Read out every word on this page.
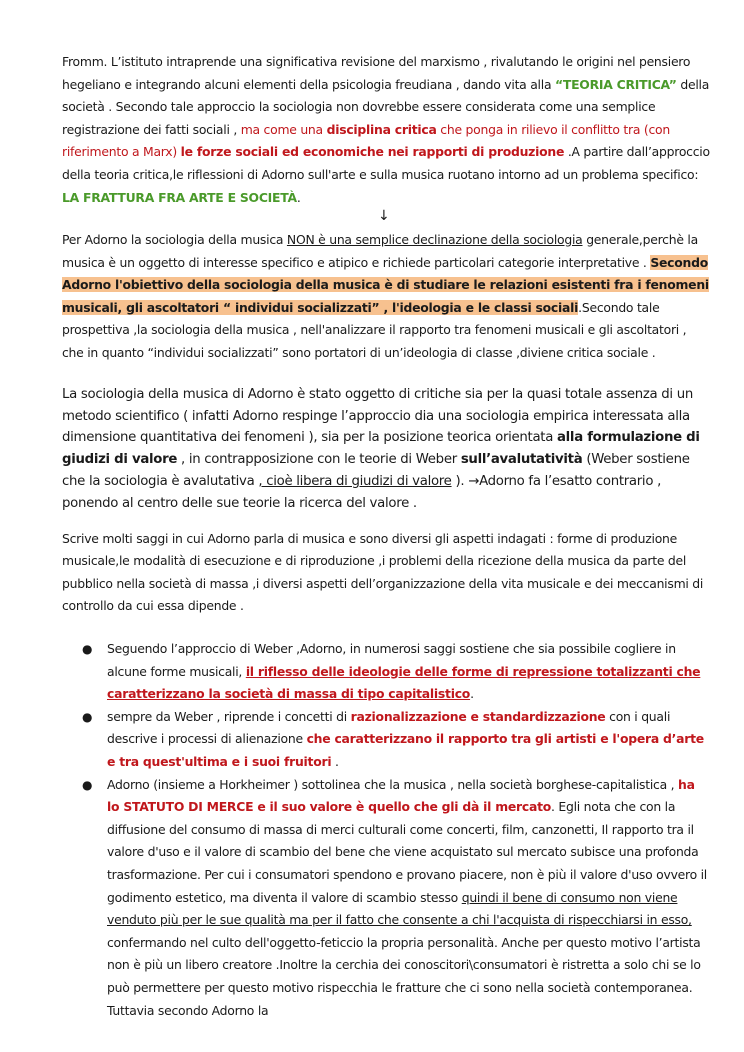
Fromm. L’istituto intraprende una significativa revisione del marxismo , rivalutando le origini nel pensiero hegeliano e integrando alcuni elementi della psicologia freudiana , dando vita alla “TEORIA CRITICA” della società . Secondo tale approccio la sociologia non dovrebbe essere considerata come una semplice registrazione dei fatti sociali , ma come una disciplina critica che ponga in rilievo il conflitto tra (con riferimento a Marx) le forze sociali ed economiche nei rapporti di produzione .A partire dall’approccio della teoria critica,le riflessioni di Adorno sull'arte e sulla musica ruotano intorno ad un problema specifico: LA FRATTURA FRA ARTE E SOCIETÀ.

↓

Per Adorno la sociologia della musica NON è una semplice declinazione della sociologia generale,perchè la musica è un oggetto di interesse specifico e atipico e richiede particolari categorie interpretative . Secondo Adorno l'obiettivo della sociologia della musica è di studiare le relazioni esistenti fra i fenomeni musicali, gli ascoltatori “ individui socializzati” , l'ideologia e le classi sociali.Secondo tale prospettiva ,la sociologia della musica , nell'analizzare il rapporto tra fenomeni musicali e gli ascoltatori , che in quanto “individui socializzati” sono portatori di un’ideologia di classe ,diviene critica sociale .

La sociologia della musica di Adorno è stato oggetto di critiche sia per la quasi totale assenza di un metodo scientifico ( infatti Adorno respinge l’approccio dia una sociologia empirica interessata alla dimensione quantitativa dei fenomeni ), sia per la posizione teorica orientata alla formulazione di giudizi di valore , in contrapposizione con le teorie di Weber sull’avalutatività (Weber sostiene che la sociologia è avalutativa , cioè libera di giudizi di valore ). →Adorno fa l’esatto contrario , ponendo al centro delle sue teorie la ricerca del valore .

Scrive molti saggi in cui Adorno parla di musica e sono diversi gli aspetti indagati : forme di produzione musicale,le modalità di esecuzione e di riproduzione ,i problemi della ricezione della musica da parte del pubblico nella società di massa ,i diversi aspetti dell’organizzazione della vita musicale e dei meccanismi di controllo da cui essa dipende .

● Seguendo l’approccio di Weber ,Adorno, in numerosi saggi sostiene che sia possibile cogliere in alcune forme musicali, il riflesso delle ideologie delle forme di repressione totalizzanti che caratterizzano la società di massa di tipo capitalistico.
● sempre da Weber , riprende i concetti di razionalizzazione e standardizzazione con i quali descrive i processi di alienazione che caratterizzano il rapporto tra gli artisti e l'opera d’arte e tra quest'ultima e i suoi fruitori .
● Adorno (insieme a Horkheimer ) sottolinea che la musica , nella società borghese-capitalistica , ha lo STATUTO DI MERCE e il suo valore è quello che gli dà il mercato. Egli nota che con la diffusione del consumo di massa di merci culturali come concerti, film, canzonetti, Il rapporto tra il valore d'uso e il valore di scambio del bene che viene acquistato sul mercato subisce una profonda trasformazione. Per cui i consumatori spendono e provano piacere, non è più il valore d'uso ovvero il godimento estetico, ma diventa il valore di scambio stesso quindi il bene di consumo non viene venduto più per le sue qualità ma per il fatto che consente a chi l'acquista di rispecchiarsi in esso, confermando nel culto dell'oggetto-feticcio la propria personalità. Anche per questo motivo l’artista non è più un libero creatore .Inoltre la cerchia dei conoscitori\consumatori è ristretta a solo chi se lo può permettere per questo motivo rispecchia le fratture che ci sono nella società contemporanea. Tuttavia secondo Adorno la
